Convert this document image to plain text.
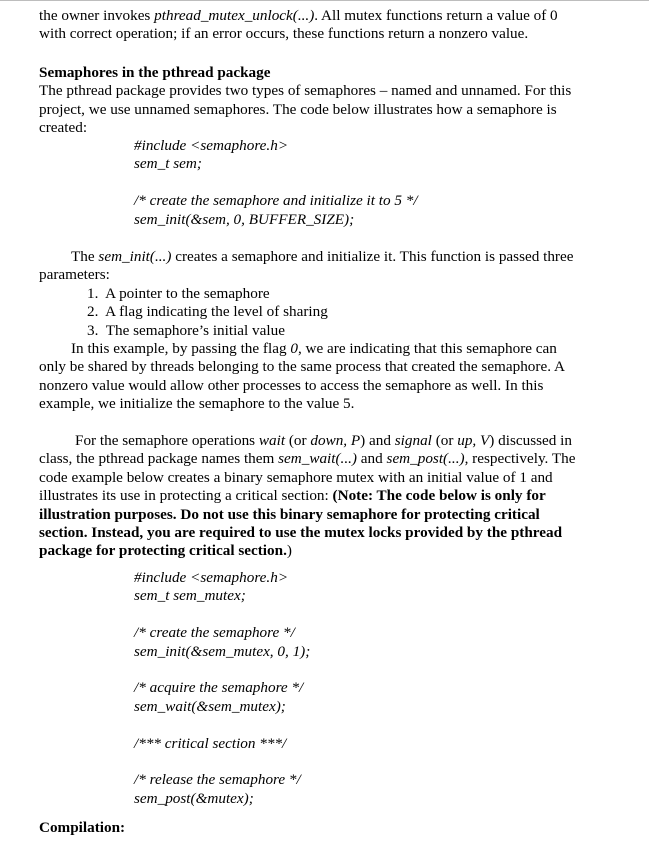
the owner invokes pthread_mutex_unlock(...). All mutex functions return a value of 0
with correct operation; if an error occurs, these functions return a nonzero value.
Semaphores in the pthread package
The pthread package provides two types of semaphores – named and unnamed. For this
project, we use unnamed semaphores. The code below illustrates how a semaphore is
created:
#include <semaphore.h>
sem_t sem;
/* create the semaphore and initialize it to 5 */
sem_init(&sem, 0, BUFFER_SIZE);
The sem_init(...) creates a semaphore and initialize it. This function is passed three
parameters:
1.  A pointer to the semaphore
2.  A flag indicating the level of sharing
3.  The semaphore’s initial value
In this example, by passing the flag 0, we are indicating that this semaphore can
only be shared by threads belonging to the same process that created the semaphore. A
nonzero value would allow other processes to access the semaphore as well. In this
example, we initialize the semaphore to the value 5.
For the semaphore operations wait (or down, P) and signal (or up, V) discussed in
class, the pthread package names them sem_wait(...) and sem_post(...), respectively. The
code example below creates a binary semaphore mutex with an initial value of 1 and
illustrates its use in protecting a critical section: (Note: The code below is only for
illustration purposes. Do not use this binary semaphore for protecting critical
section. Instead, you are required to use the mutex locks provided by the pthread
package for protecting critical section.)
#include <semaphore.h>
sem_t sem_mutex;
/* create the semaphore */
sem_init(&sem_mutex, 0, 1);
/* acquire the semaphore */
sem_wait(&sem_mutex);
/*** critical section ***/
/* release the semaphore */
sem_post(&mutex);
Compilation:
